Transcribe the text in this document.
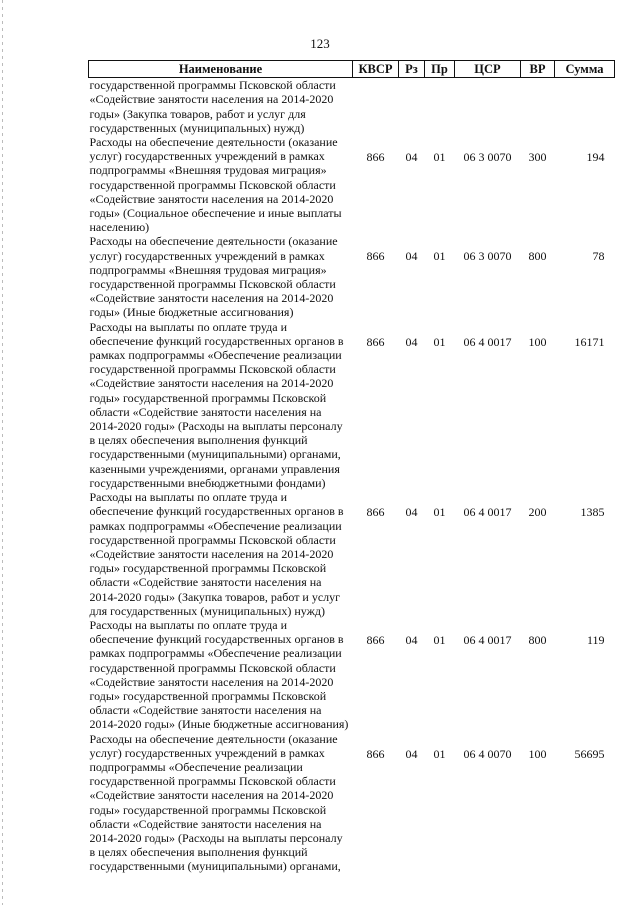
123
Наименование	КВСР	Рз	Пр	ЦСР	ВР	Сумма
государственной программы Псковской области «Содействие занятости населения на 2014-2020 годы» (Закупка товаров, работ и услуг для государственных (муниципальных) нужд)						
Расходы на обеспечение деятельности (оказание услуг) государственных учреждений в рамках подпрограммы «Внешняя трудовая миграция» государственной программы Псковской области «Содействие занятости населения на 2014-2020 годы» (Социальное обеспечение и иные выплаты населению)	866	04	01	06 3 0070	300	194
Расходы на обеспечение деятельности (оказание услуг) государственных учреждений в рамках подпрограммы «Внешняя трудовая миграция» государственной программы Псковской области «Содействие занятости населения на 2014-2020 годы» (Иные бюджетные ассигнования)	866	04	01	06 3 0070	800	78
Расходы на выплаты по оплате труда и обеспечение функций государственных органов в рамках подпрограммы «Обеспечение реализации государственной программы Псковской области «Содействие занятости населения на 2014-2020 годы» государственной программы Псковской области «Содействие занятости населения на 2014-2020 годы» (Расходы на выплаты персоналу в целях обеспечения выполнения функций государственными (муниципальными) органами, казенными учреждениями, органами управления государственными внебюджетными фондами)	866	04	01	06 4 0017	100	16171
Расходы на выплаты по оплате труда и обеспечение функций государственных органов в рамках подпрограммы «Обеспечение реализации государственной программы Псковской области «Содействие занятости населения на 2014-2020 годы» государственной программы Псковской области «Содействие занятости населения на 2014-2020 годы» (Закупка товаров, работ и услуг для государственных (муниципальных) нужд)	866	04	01	06 4 0017	200	1385
Расходы на выплаты по оплате труда и обеспечение функций государственных органов в рамках подпрограммы «Обеспечение реализации государственной программы Псковской области «Содействие занятости населения на 2014-2020 годы» государственной программы Псковской области «Содействие занятости населения на 2014-2020 годы» (Иные бюджетные ассигнования)	866	04	01	06 4 0017	800	119
Расходы на обеспечение деятельности (оказание услуг) государственных учреждений в рамках подпрограммы «Обеспечение реализации государственной программы Псковской области «Содействие занятости населения на 2014-2020 годы» государственной программы Псковской области «Содействие занятости населения на 2014-2020 годы» (Расходы на выплаты персоналу в целях обеспечения выполнения функций государственными (муниципальными) органами,	866	04	01	06 4 0070	100	56695
